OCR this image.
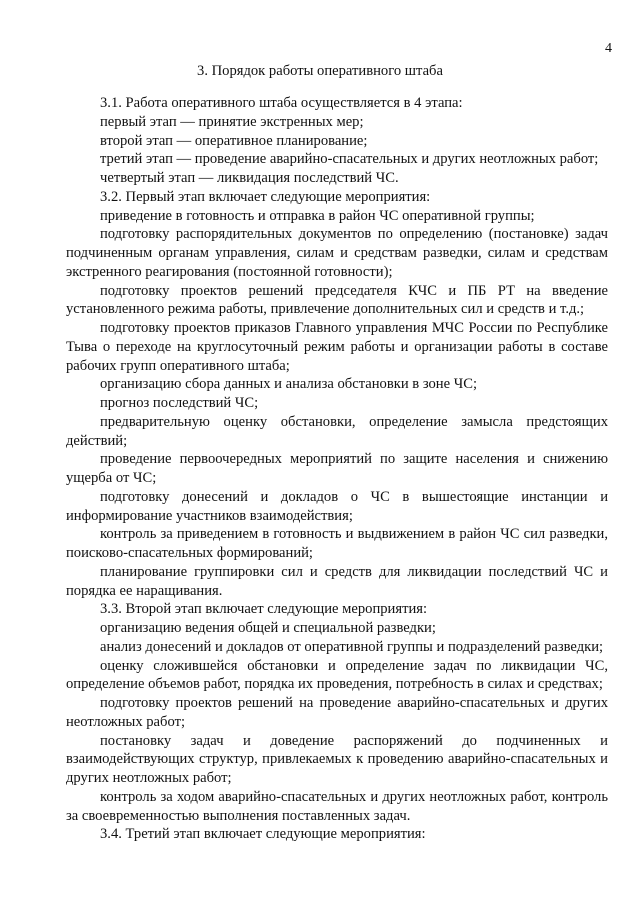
4
3. Порядок работы оперативного штаба

3.1. Работа оперативного штаба осуществляется в 4 этапа:

первый этап — принятие экстренных мер;

второй этап — оперативное планирование;

третий этап — проведение аварийно-спасательных и других неотложных работ;

четвертый этап — ликвидация последствий ЧС.

3.2. Первый этап включает следующие мероприятия:

приведение в готовность и отправка в район ЧС оперативной группы;

подготовку распорядительных документов по определению (постановке) задач подчиненным органам управления, силам и средствам разведки, силам и средствам экстренного реагирования (постоянной готовности);

подготовку проектов решений председателя КЧС и ПБ РТ на введение установленного режима работы, привлечение дополнительных сил и средств и т.д.;

подготовку проектов приказов Главного управления МЧС России по Республике Тыва о переходе на круглосуточный режим работы и организации работы в составе рабочих групп оперативного штаба;

организацию сбора данных и анализа обстановки в зоне ЧС;

прогноз последствий ЧС;

предварительную оценку обстановки, определение замысла предстоящих действий;

проведение первоочередных мероприятий по защите населения и снижению ущерба от ЧС;

подготовку донесений и докладов о ЧС в вышестоящие инстанции и информирование участников взаимодействия;

контроль за приведением в готовность и выдвижением в район ЧС сил разведки, поисково-спасательных формирований;

планирование группировки сил и средств для ликвидации последствий ЧС и порядка ее наращивания.

3.3. Второй этап включает следующие мероприятия:

организацию ведения общей и специальной разведки;

анализ донесений и докладов от оперативной группы и подразделений разведки;

оценку сложившейся обстановки и определение задач по ликвидации ЧС, определение объемов работ, порядка их проведения, потребность в силах и средствах;

подготовку проектов решений на проведение аварийно-спасательных и других неотложных работ;

постановку задач и доведение распоряжений до подчиненных и взаимодействующих структур, привлекаемых к проведению аварийно-спасательных и других неотложных работ;

контроль за ходом аварийно-спасательных и других неотложных работ, контроль за своевременностью выполнения поставленных задач.

3.4. Третий этап включает следующие мероприятия:
